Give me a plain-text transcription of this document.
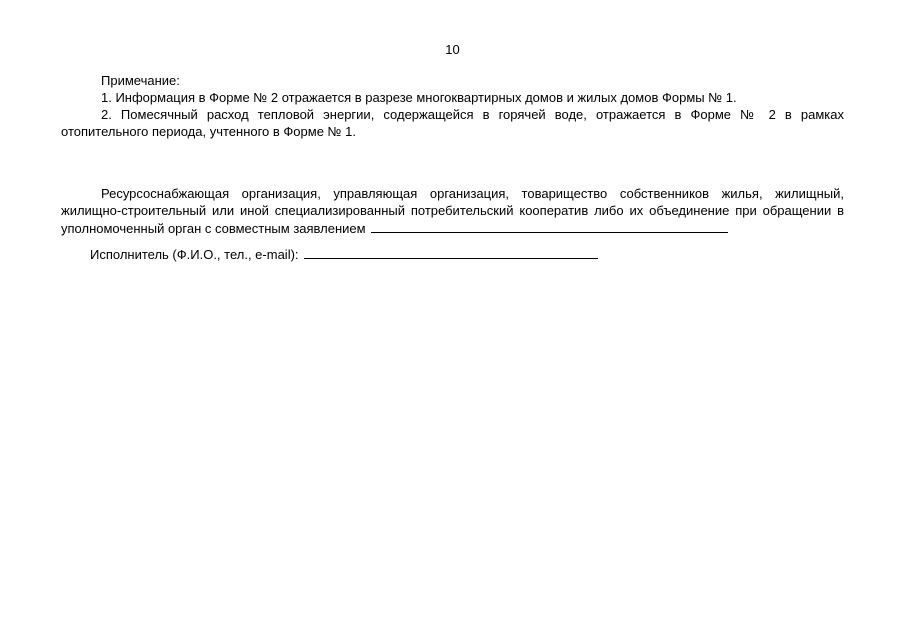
10

Примечание:

1. Информация в Форме № 2 отражается в разрезе многоквартирных домов и жилых домов Формы № 1.

2. Помесячный расход тепловой энергии, содержащейся в горячей воде, отражается в Форме № 2 в рамках отопительного периода, учтенного в Форме № 1.

Ресурсоснабжающая организация, управляющая организация, товарищество собственников жилья, жилищный, жилищно-строительный или иной специализированный потребительский кооператив либо их объединение при обращении в уполномоченный орган с совместным заявлением

Исполнитель (Ф.И.О., тел., e-mail):
